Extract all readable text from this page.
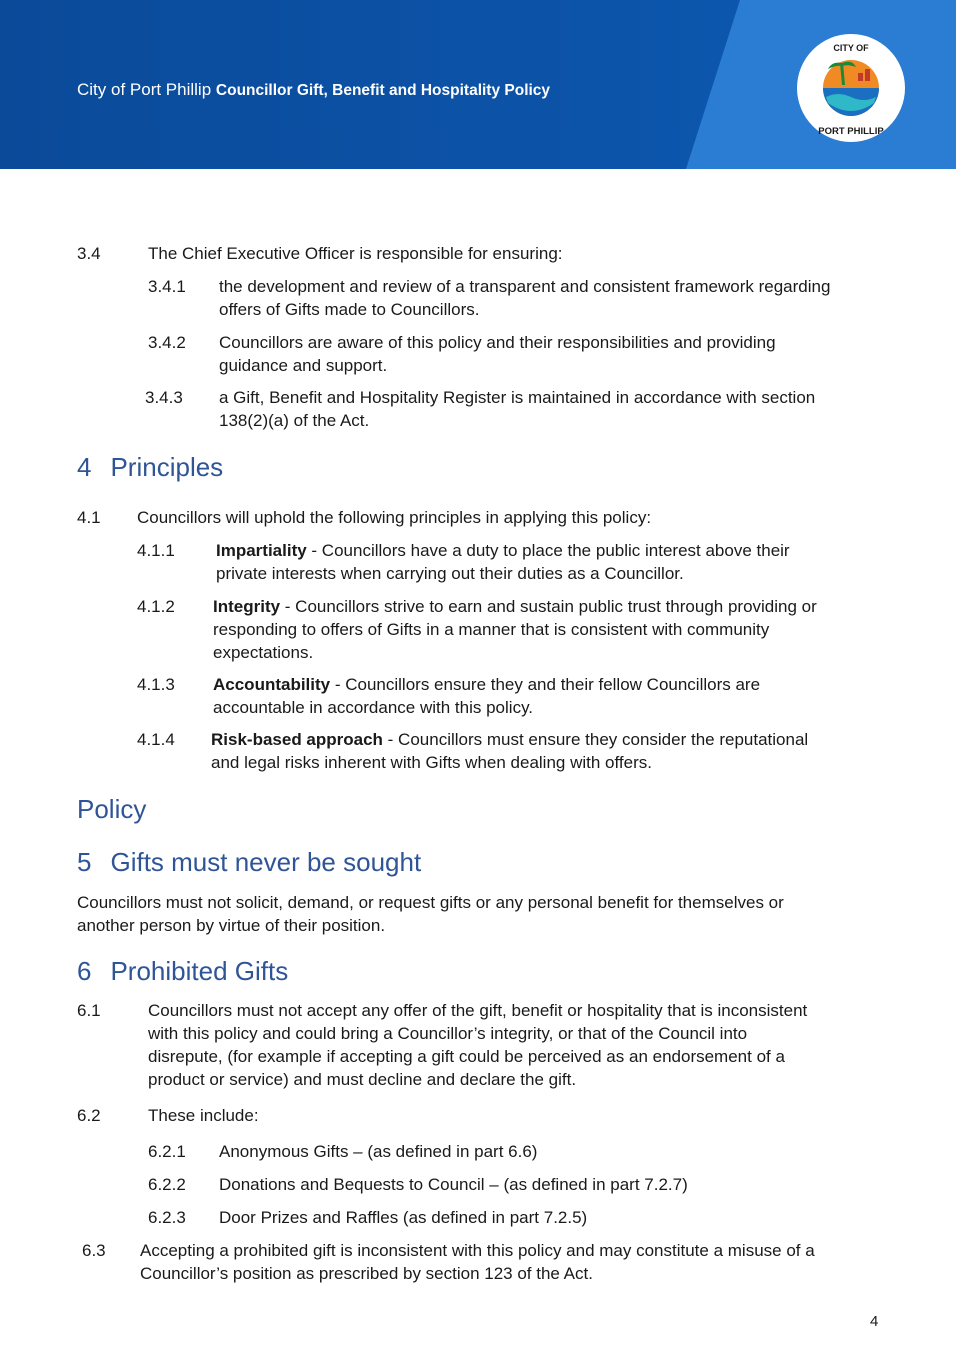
City of Port Phillip Councillor Gift, Benefit and Hospitality Policy
CITY OF
PORT PHILLIP
3.4	The Chief Executive Officer is responsible for ensuring:
3.4.1 the development and review of a transparent and consistent framework regarding
offers of Gifts made to Councillors.
3.4.2 Councillors are aware of this policy and their responsibilities and providing
guidance and support.
3.4.3 a Gift, Benefit and Hospitality Register is maintained in accordance with section
138(2)(a) of the Act.
4 Principles
4.1 Councillors will uphold the following principles in applying this policy:
4.1.1 Impartiality - Councillors have a duty to place the public interest above their
private interests when carrying out their duties as a Councillor.
4.1.2 Integrity - Councillors strive to earn and sustain public trust through providing or
responding to offers of Gifts in a manner that is consistent with community
expectations.
4.1.3 Accountability - Councillors ensure they and their fellow Councillors are
accountable in accordance with this policy.
4.1.4 Risk-based approach - Councillors must ensure they consider the reputational
and legal risks inherent with Gifts when dealing with offers.
Policy
5 Gifts must never be sought
Councillors must not solicit, demand, or request gifts or any personal benefit for themselves or
another person by virtue of their position.
6 Prohibited Gifts
6.1	Councillors must not accept any offer of the gift, benefit or hospitality that is inconsistent
with this policy and could bring a Councillor’s integrity, or that of the Council into
disrepute, (for example if accepting a gift could be perceived as an endorsement of a
product or service) and must decline and declare the gift.
6.2	These include:
6.2.1 Anonymous Gifts – (as defined in part 6.6)
6.2.2 Donations and Bequests to Council – (as defined in part 7.2.7)
6.2.3 Door Prizes and Raffles (as defined in part 7.2.5)
6.3 Accepting a prohibited gift is inconsistent with this policy and may constitute a misuse of a
Councillor’s position as prescribed by section 123 of the Act.
4
